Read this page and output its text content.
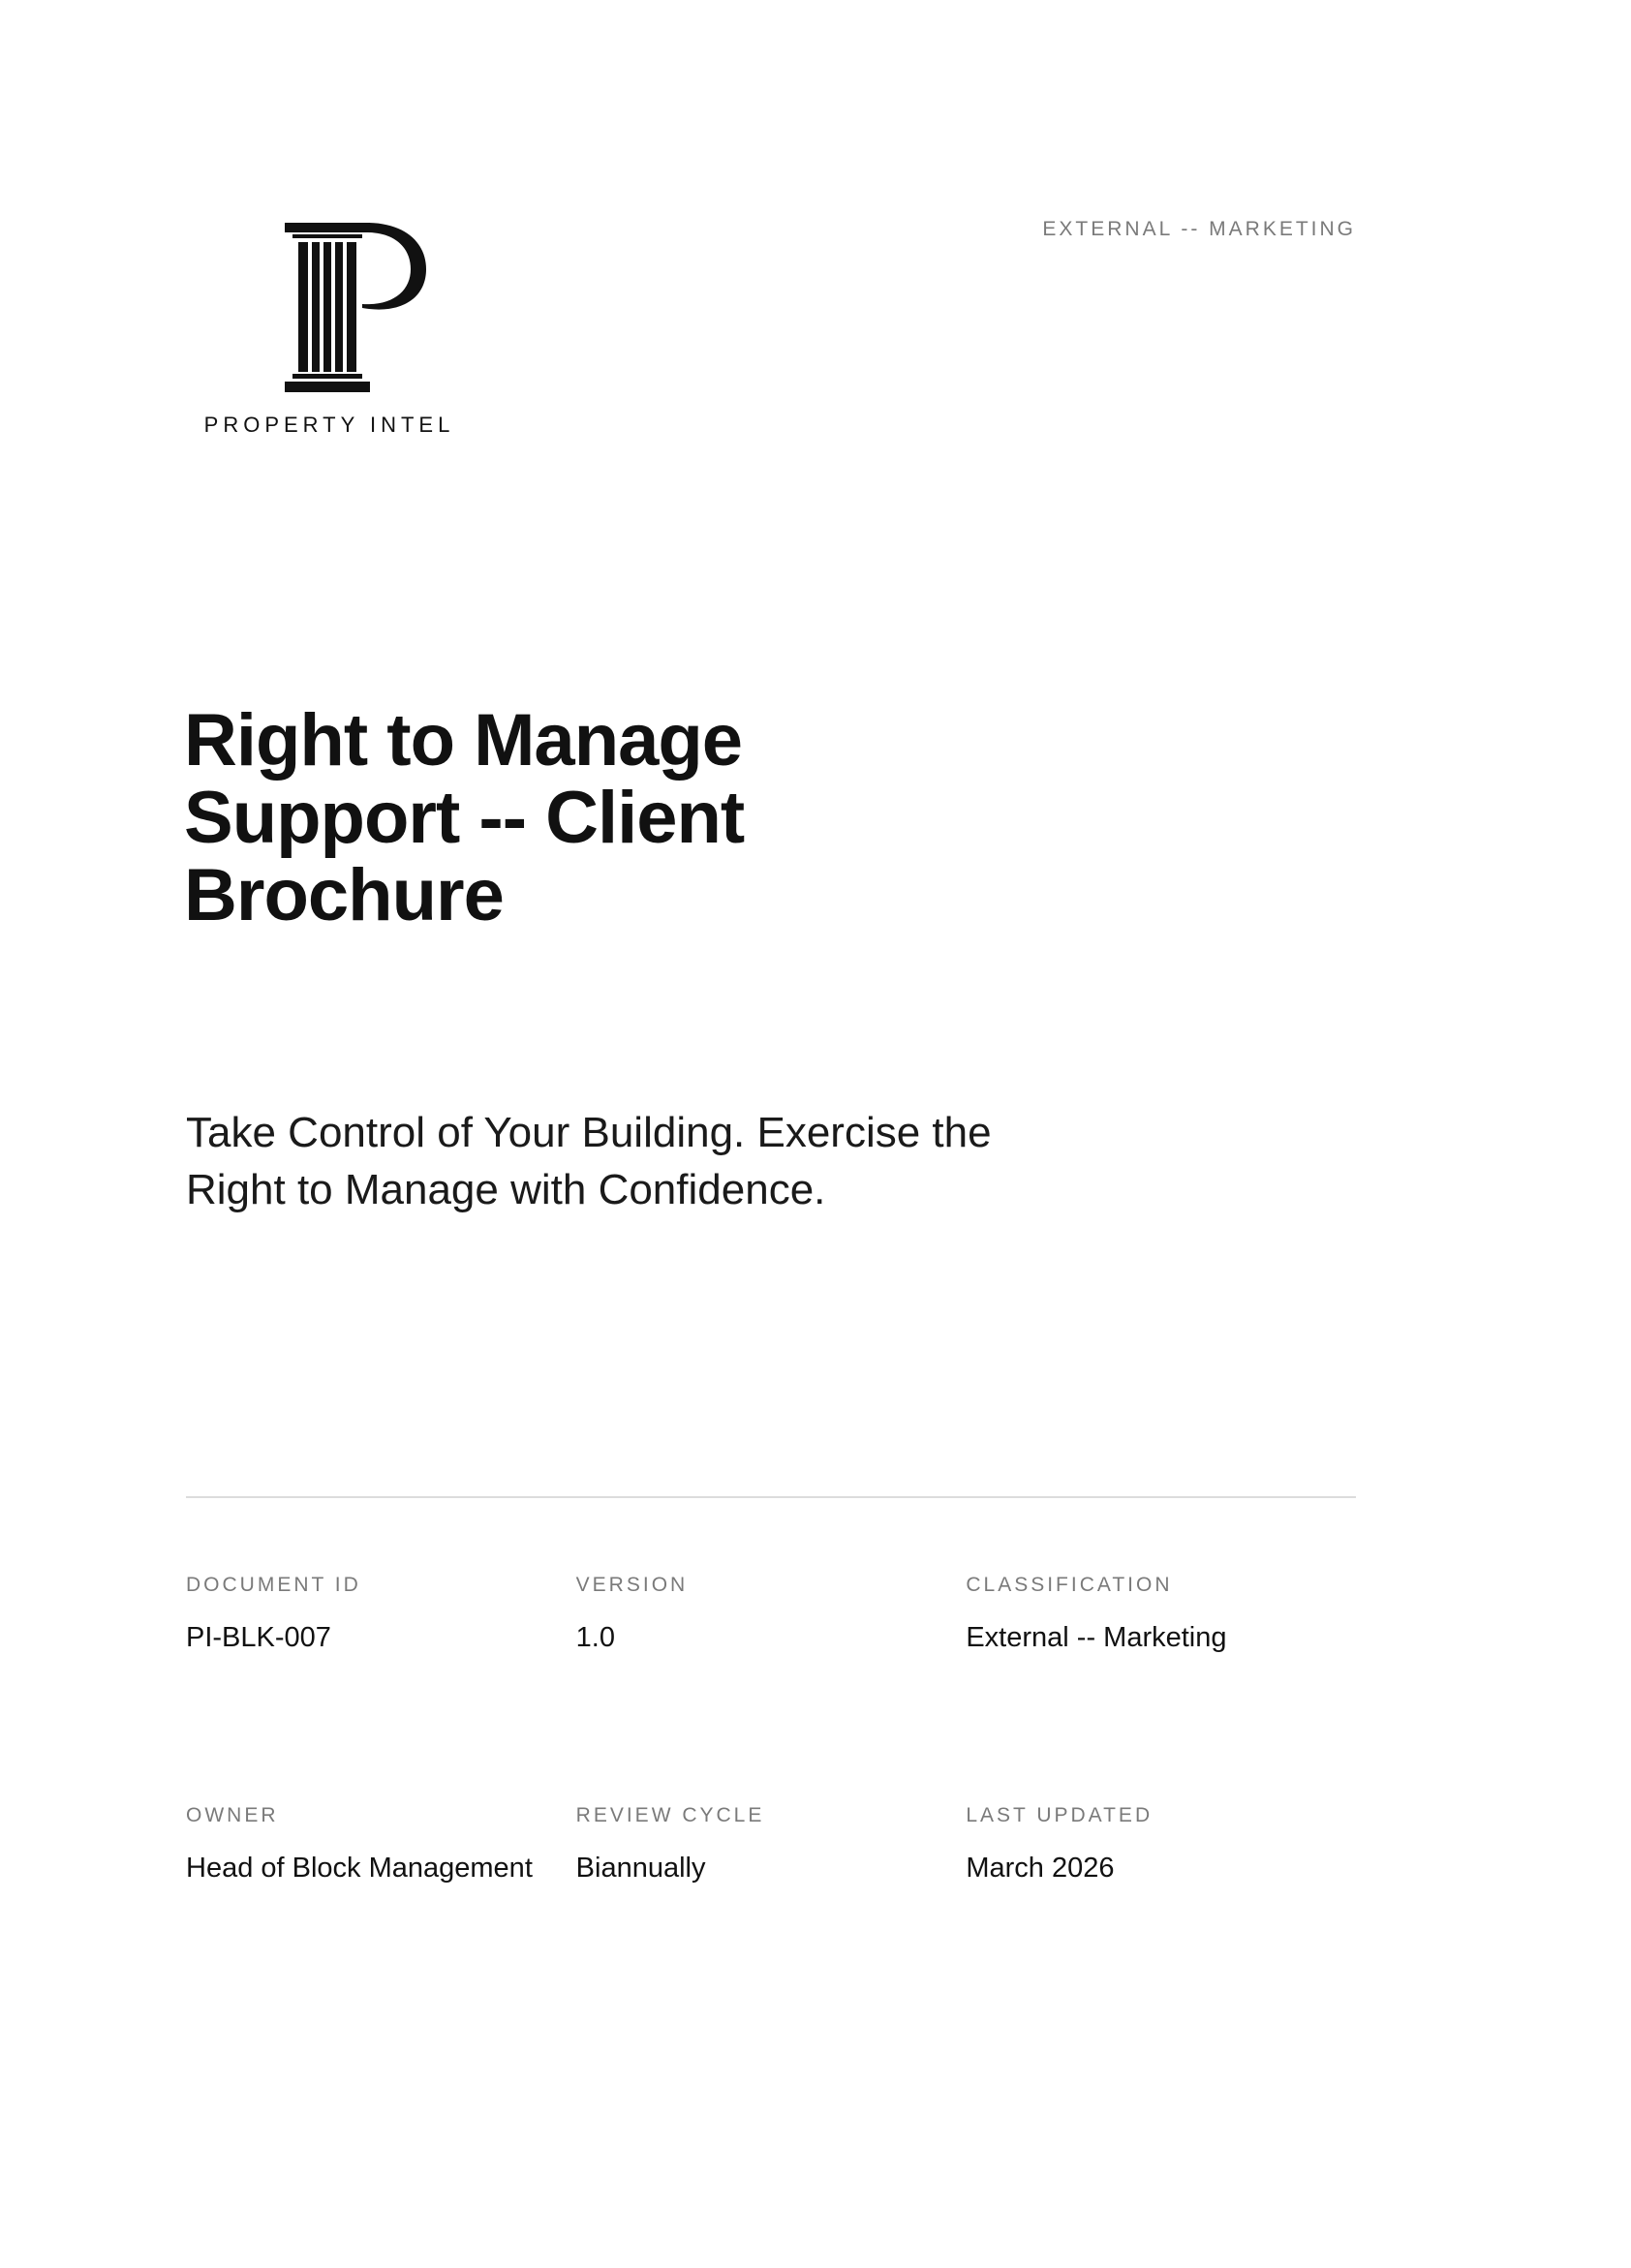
PROPERTY INTEL
EXTERNAL -- MARKETING
Right to Manage Support -- Client Brochure

Take Control of Your Building. Exercise the Right to Manage with Confidence.

DOCUMENT ID
PI-BLK-007
VERSION
1.0
CLASSIFICATION
External -- Marketing
OWNER
Head of Block Management
REVIEW CYCLE
Biannually
LAST UPDATED
March 2026
